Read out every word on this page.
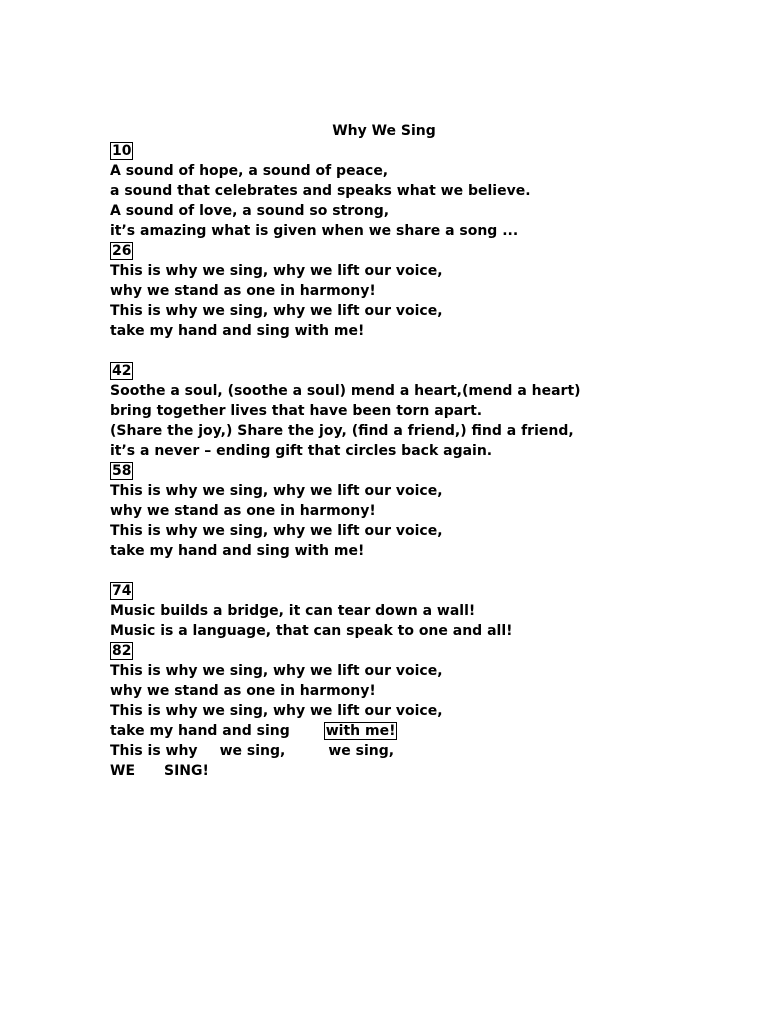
Why We Sing
10
A sound of hope, a sound of peace,
a sound that celebrates and speaks what we believe.
A sound of love, a sound so strong,
it’s amazing what is given when we share a song ...
26
This is why we sing, why we lift our voice,
why we stand as one in harmony!
This is why we sing, why we lift our voice,
take my hand and sing with me!
42
Soothe a soul, (soothe a soul) mend a heart,(mend a heart)
bring together lives that have been torn apart.
(Share the joy,) Share the joy, (find a friend,) find a friend,
it’s a never – ending gift that circles back again.
58
This is why we sing, why we lift our voice,
why we stand as one in harmony!
This is why we sing, why we lift our voice,
take my hand and sing with me!
74
Music builds a bridge, it can tear down a wall!
Music is a language, that can speak to one and all!
82
This is why we sing, why we lift our voice,
why we stand as one in harmony!
This is why we sing, why we lift our voice,
take my hand and sing	with me!
This is why we sing,	we sing,
WE SING!
